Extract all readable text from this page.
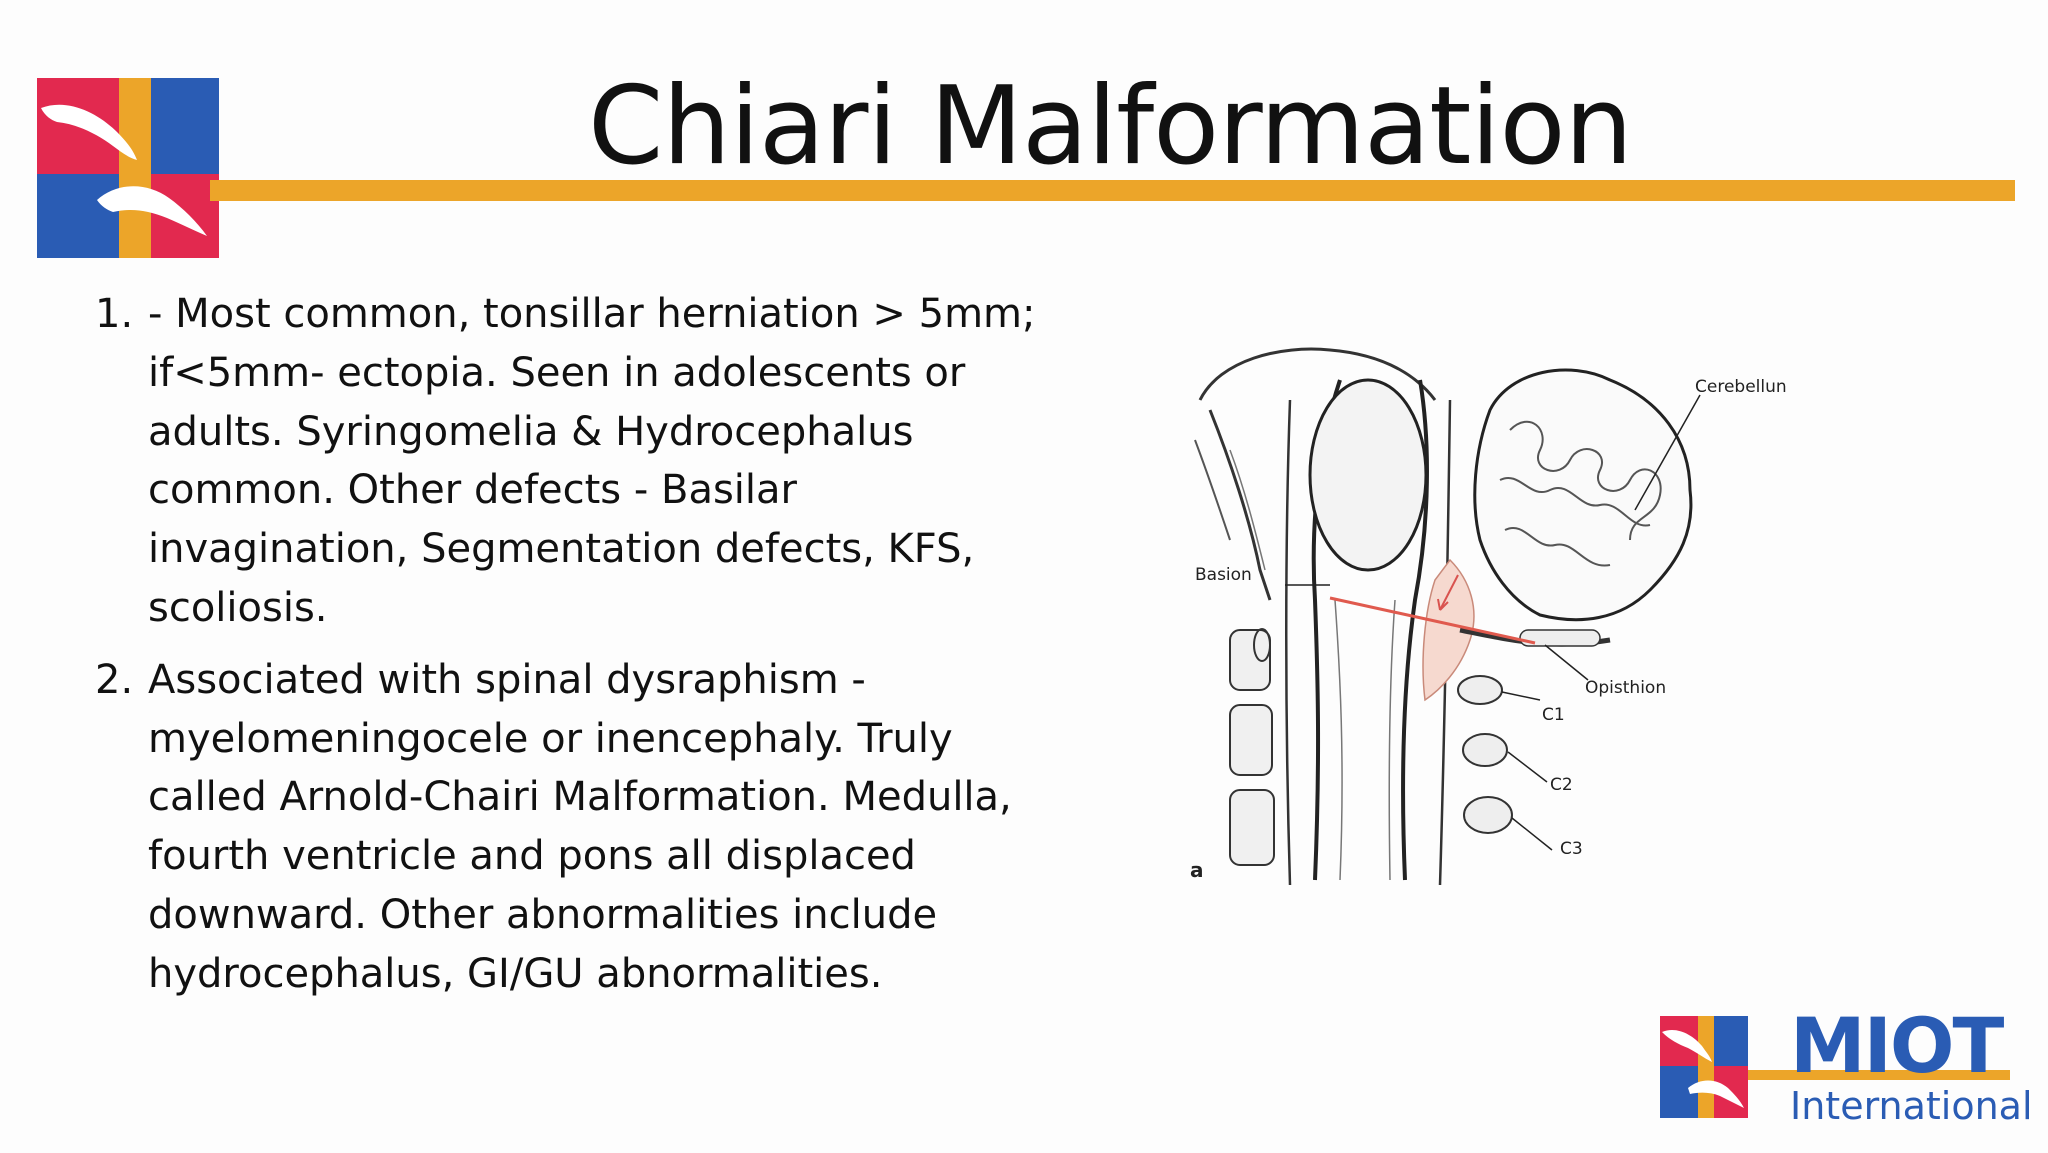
Chiari Malformation
1. - Most common, tonsillar herniation > 5mm; if<5mm- ectopia. Seen in adolescents or adults. Syringomelia & Hydrocephalus common. Other defects - Basilar invagination, Segmentation defects, KFS, scoliosis.
2. Associated with spinal dysraphism - myelomeningocele or inencephaly. Truly called Arnold-Chairi Malformation. Medulla, fourth ventricle and pons all displaced downward. Other abnormalities include hydrocephalus, GI/GU abnormalities.
Cerebellun
Basion
Opisthion
C1
C2
C3
a
MIOT
International
